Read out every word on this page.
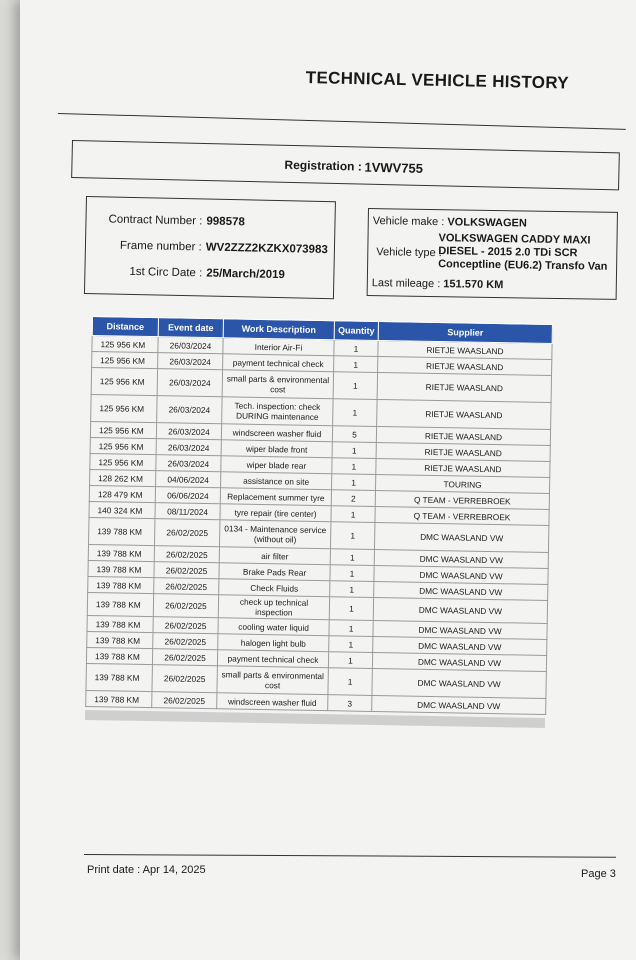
TECHNICAL VEHICLE HISTORY
Registration : 1VWV755
Contract Number : 998578
Frame number : WV2ZZZ2KZKX073983
1st Circ Date : 25/March/2019
Vehicle make : VOLKSWAGEN
Vehicle type :
VOLKSWAGEN CADDY MAXI
DIESEL - 2015 2.0 TDi SCR
Conceptline (EU6.2) Transfo Van
Last mileage : 151.570 KM
Distance	Event date	Work Description	Quantity	Supplier
125 956 KM	26/03/2024	Interior Air-Fi	1	RIETJE WAASLAND
125 956 KM	26/03/2024	payment technical check	1	RIETJE WAASLAND
125 956 KM	26/03/2024	small parts & environmental cost	1	RIETJE WAASLAND
125 956 KM	26/03/2024	Tech. inspection: check DURING maintenance	1	RIETJE WAASLAND
125 956 KM	26/03/2024	windscreen washer fluid	5	RIETJE WAASLAND
125 956 KM	26/03/2024	wiper blade front	1	RIETJE WAASLAND
125 956 KM	26/03/2024	wiper blade rear	1	RIETJE WAASLAND
128 262 KM	04/06/2024	assistance on site	1	TOURING
128 479 KM	06/06/2024	Replacement summer tyre	2	Q TEAM - VERREBROEK
140 324 KM	08/11/2024	tyre repair (tire center)	1	Q TEAM - VERREBROEK
139 788 KM	26/02/2025	0134 - Maintenance service (without oil)	1	DMC WAASLAND VW
139 788 KM	26/02/2025	air filter	1	DMC WAASLAND VW
139 788 KM	26/02/2025	Brake Pads Rear	1	DMC WAASLAND VW
139 788 KM	26/02/2025	Check Fluids	1	DMC WAASLAND VW
139 788 KM	26/02/2025	check up technical inspection	1	DMC WAASLAND VW
139 788 KM	26/02/2025	cooling water liquid	1	DMC WAASLAND VW
139 788 KM	26/02/2025	halogen light bulb	1	DMC WAASLAND VW
139 788 KM	26/02/2025	payment technical check	1	DMC WAASLAND VW
139 788 KM	26/02/2025	small parts & environmental cost	1	DMC WAASLAND VW
139 788 KM	26/02/2025	windscreen washer fluid	3	DMC WAASLAND VW
Print date : Apr 14, 2025	Page 3
